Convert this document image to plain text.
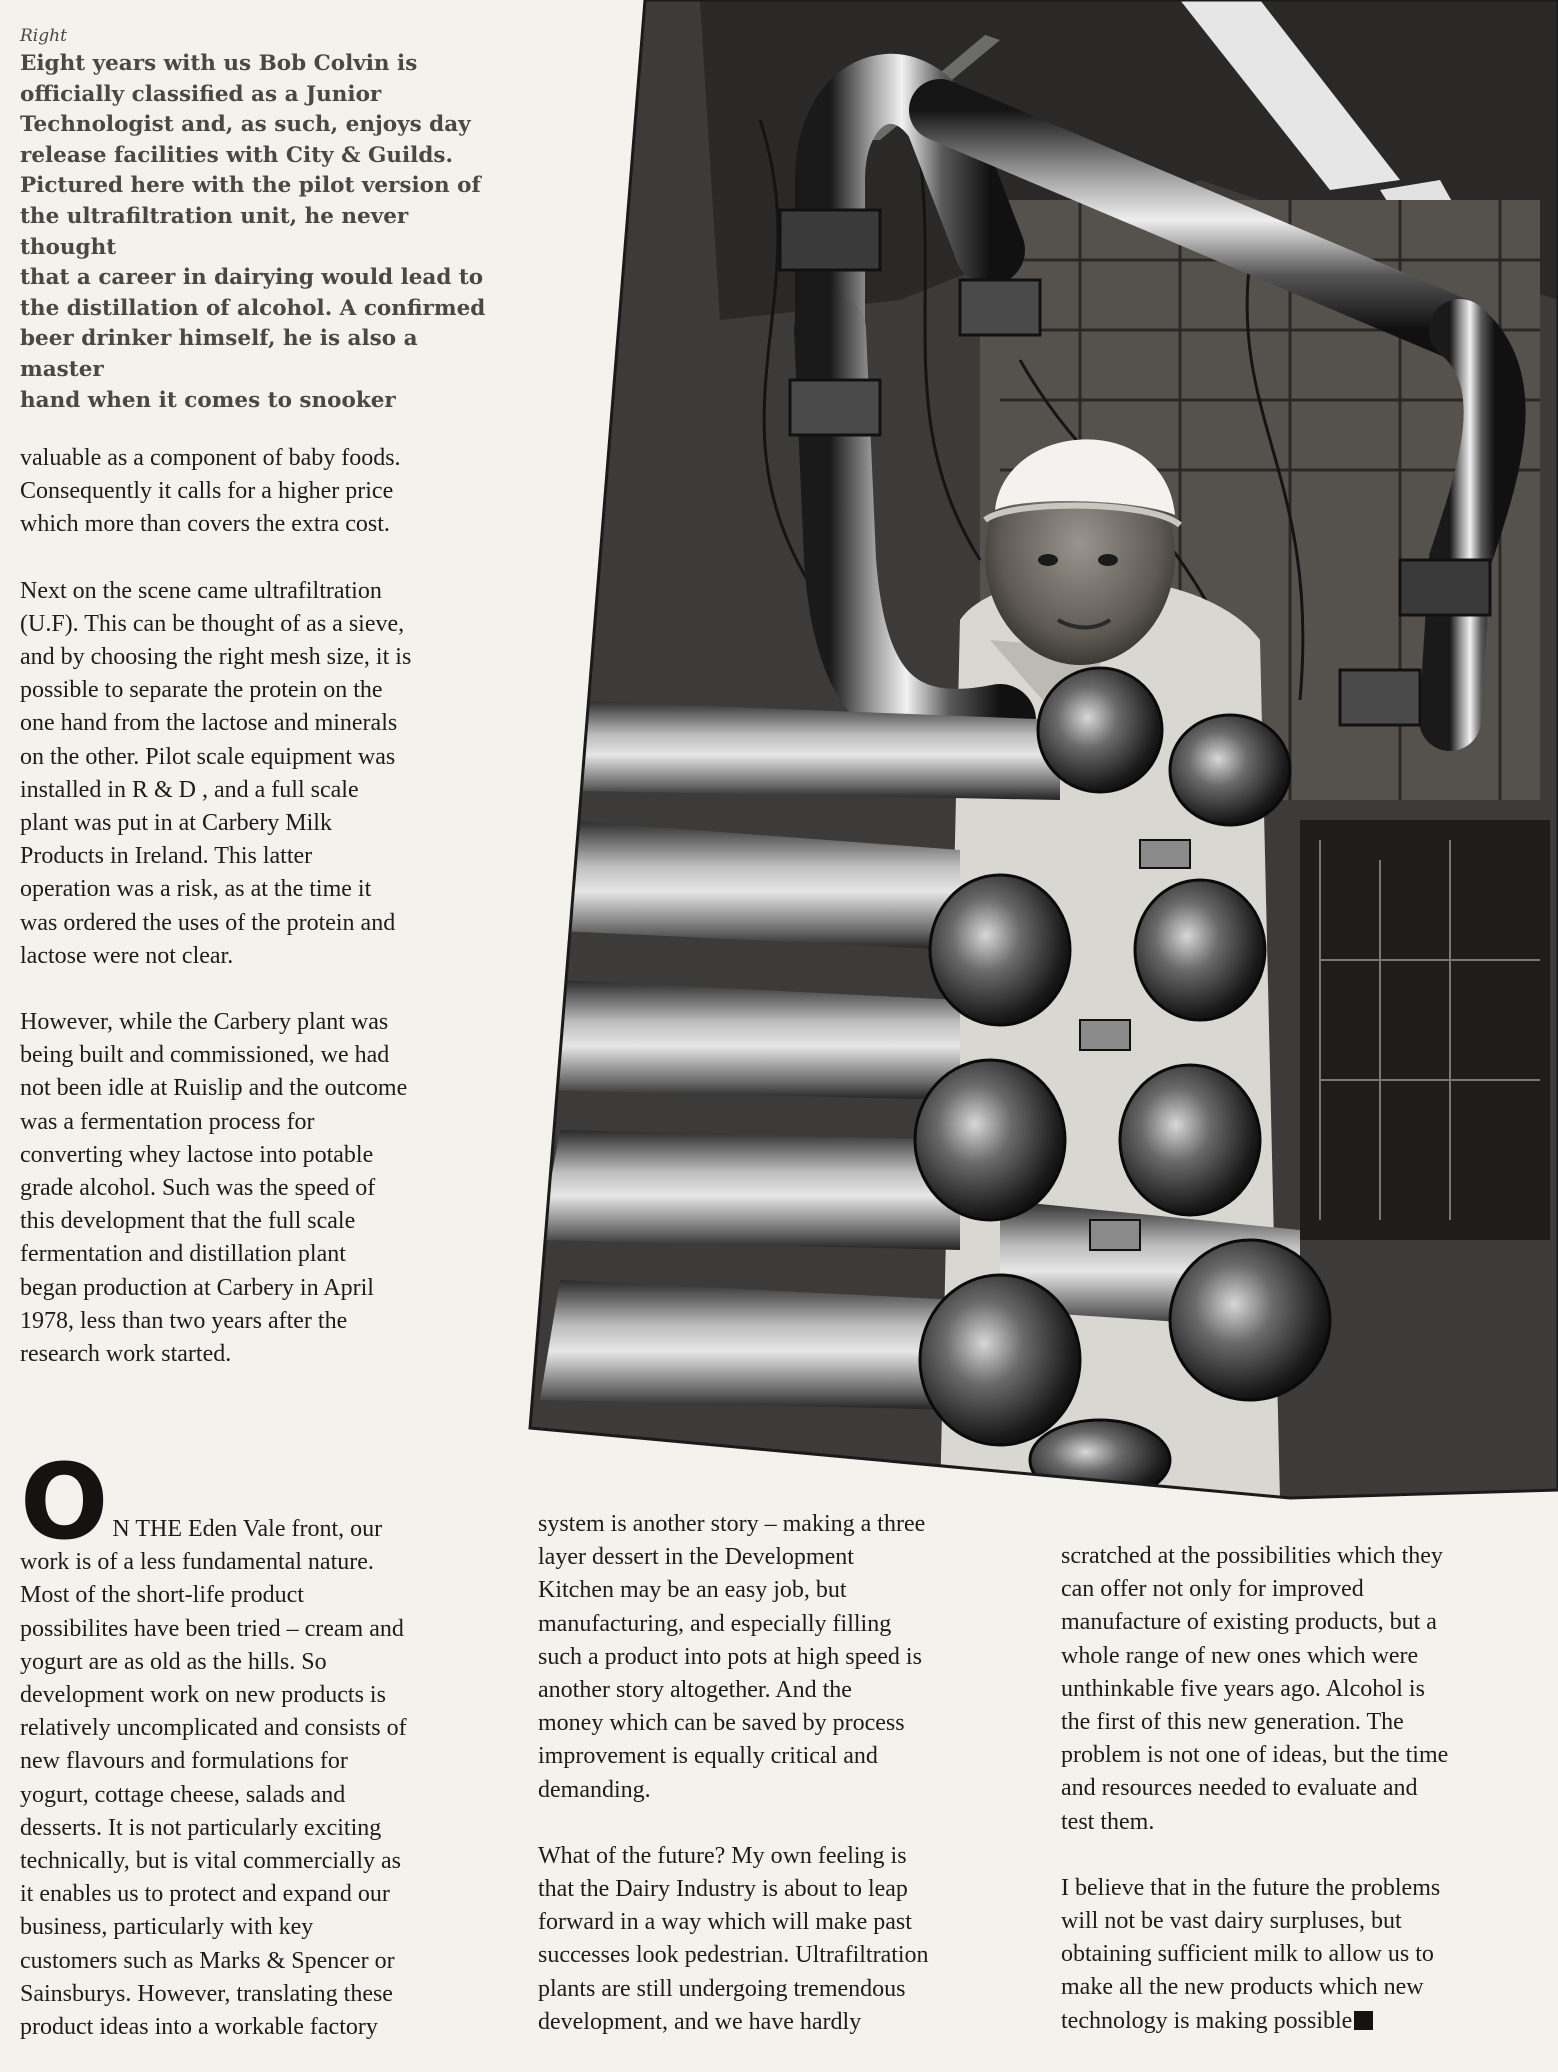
Right
Eight years with us Bob Colvin is
officially classified as a Junior
Technologist and, as such, enjoys day
release facilities with City & Guilds.
Pictured here with the pilot version of
the ultrafiltration unit, he never thought
that a career in dairying would lead to
the distillation of alcohol. A confirmed
beer drinker himself, he is also a master
hand when it comes to snooker

valuable as a component of baby foods.
Consequently it calls for a higher price
which more than covers the extra cost.

Next on the scene came ultrafiltration
(U.F). This can be thought of as a sieve,
and by choosing the right mesh size, it is
possible to separate the protein on the
one hand from the lactose and minerals
on the other. Pilot scale equipment was
installed in R & D , and a full scale
plant was put in at Carbery Milk
Products in Ireland. This latter
operation was a risk, as at the time it
was ordered the uses of the protein and
lactose were not clear.

However, while the Carbery plant was
being built and commissioned, we had
not been idle at Ruislip and the outcome
was a fermentation process for
converting whey lactose into potable
grade alcohol. Such was the speed of
this development that the full scale
fermentation and distillation plant
began production at Carbery in April
1978, less than two years after the
research work started.

O N THE Eden Vale front, our
work is of a less fundamental nature.
Most of the short-life product
possibilites have been tried – cream and
yogurt are as old as the hills. So
development work on new products is
relatively uncomplicated and consists of
new flavours and formulations for
yogurt, cottage cheese, salads and
desserts. It is not particularly exciting
technically, but is vital commercially as
it enables us to protect and expand our
business, particularly with key
customers such as Marks & Spencer or
Sainsburys. However, translating these
product ideas into a workable factory

system is another story – making a three
layer dessert in the Development
Kitchen may be an easy job, but
manufacturing, and especially filling
such a product into pots at high speed is
another story altogether. And the
money which can be saved by process
improvement is equally critical and
demanding.

What of the future? My own feeling is
that the Dairy Industry is about to leap
forward in a way which will make past
successes look pedestrian. Ultrafiltration
plants are still undergoing tremendous
development, and we have hardly

scratched at the possibilities which they
can offer not only for improved
manufacture of existing products, but a
whole range of new ones which were
unthinkable five years ago. Alcohol is
the first of this new generation. The
problem is not one of ideas, but the time
and resources needed to evaluate and
test them.

I believe that in the future the problems
will not be vast dairy surpluses, but
obtaining sufficient milk to allow us to
make all the new products which new
technology is making possible
